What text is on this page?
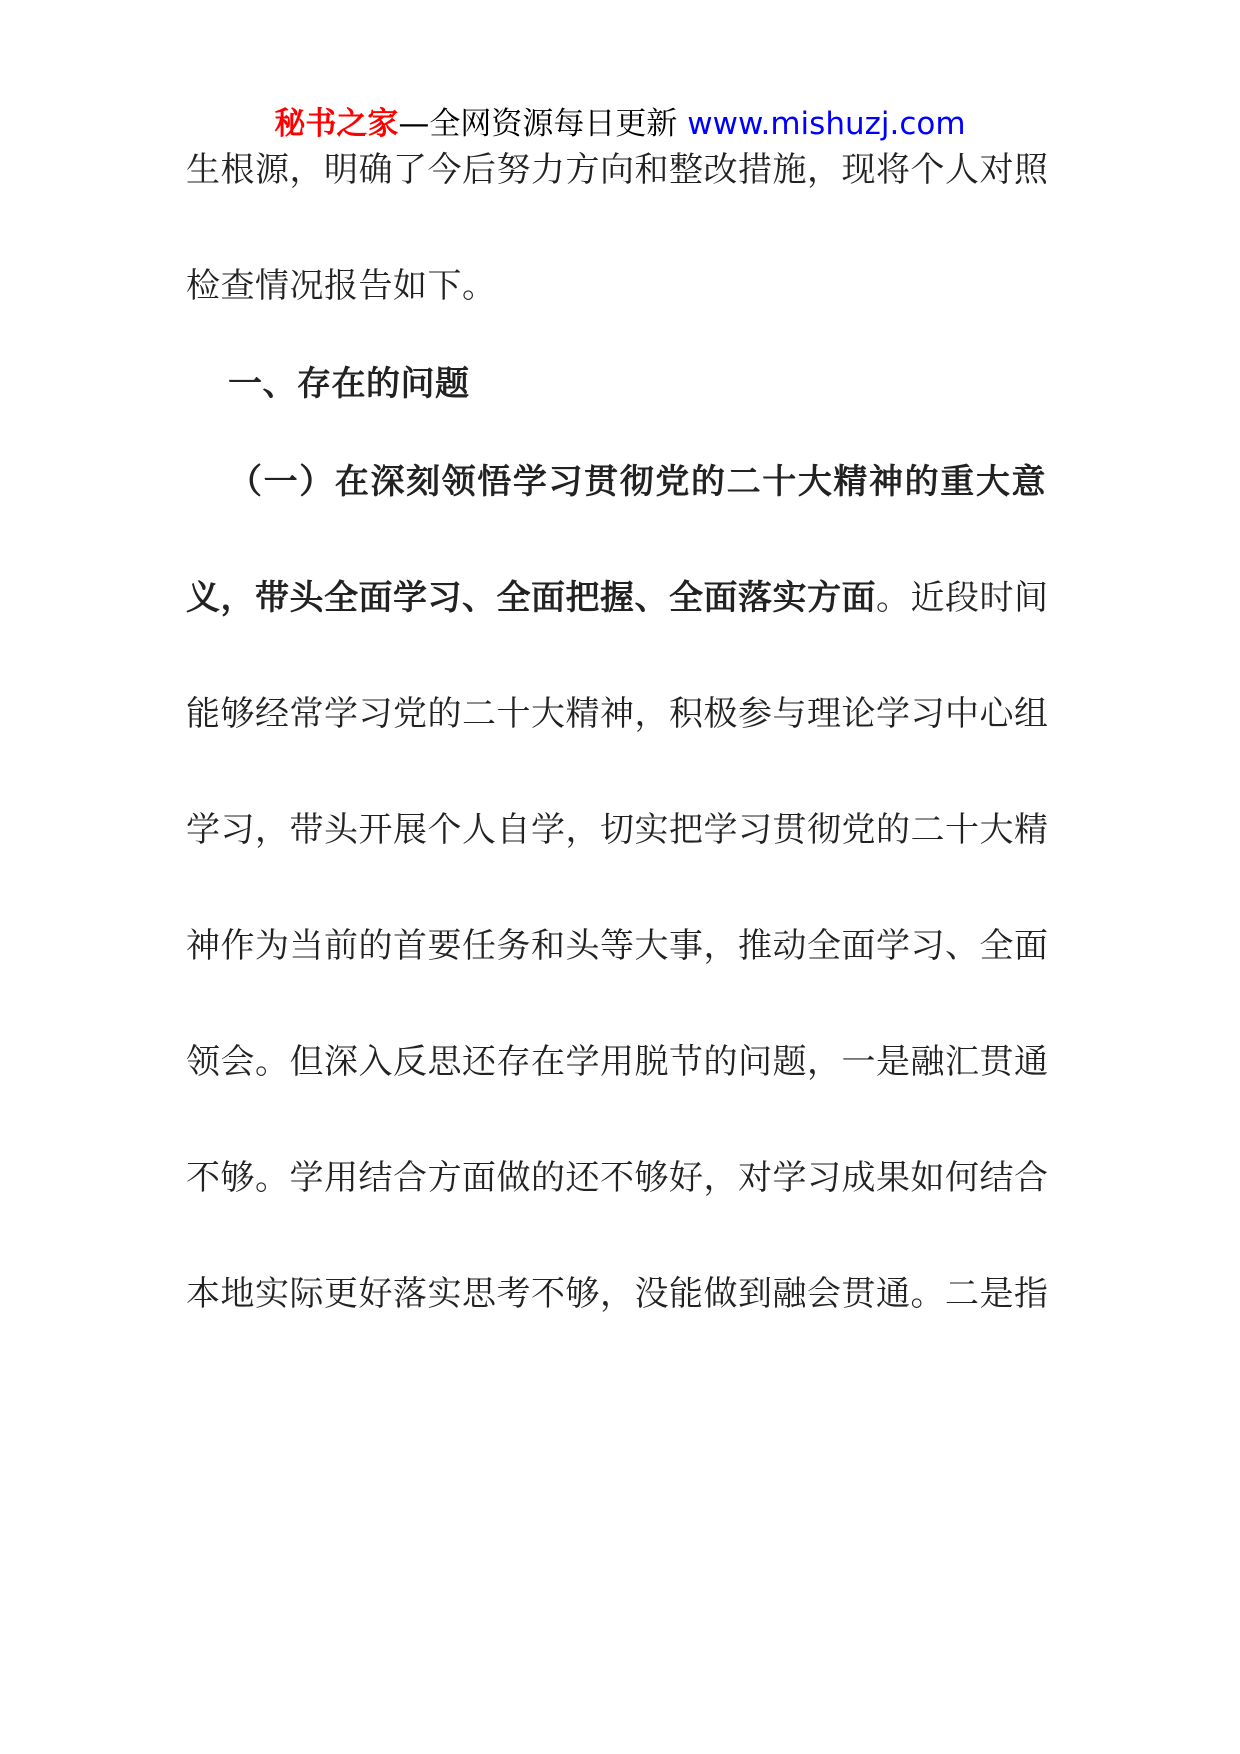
秘书之家—全网资源每日更新 www.mishuzj.com
生根源，明确了今后努力方向和整改措施，现将个人对照
检查情况报告如下。
一、存在的问题
（一）在深刻领悟学习贯彻党的二十大精神的重大意
义，带头全面学习、全面把握、全面落实方面。近段时间
能够经常学习党的二十大精神，积极参与理论学习中心组
学习，带头开展个人自学，切实把学习贯彻党的二十大精
神作为当前的首要任务和头等大事，推动全面学习、全面
领会。但深入反思还存在学用脱节的问题，一是融汇贯通
不够。学用结合方面做的还不够好，对学习成果如何结合
本地实际更好落实思考不够，没能做到融会贯通。二是指
